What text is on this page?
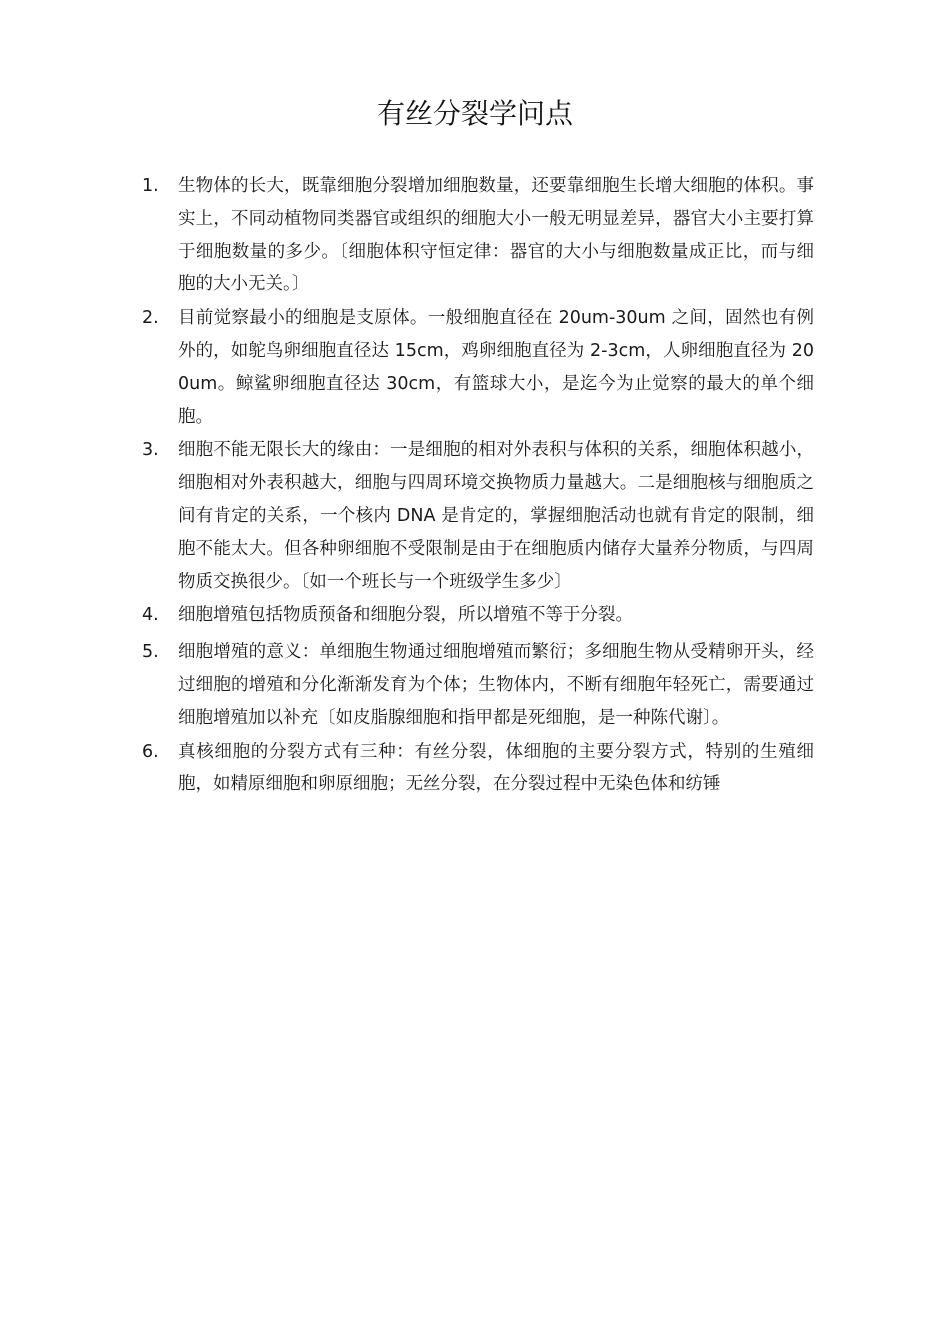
有丝分裂学问点
1.	生物体的长大，既靠细胞分裂增加细胞数量，还要靠细胞生长增大细胞的体积。事实上，不同动植物同类器官或组织的细胞大小一般无明显差异，器官大小主要打算于细胞数量的多少。〔细胞体积守恒定律：器官的大小与细胞数量成正比，而与细胞的大小无关。〕
2.	目前觉察最小的细胞是支原体。一般细胞直径在 20um-30um 之间，固然也有例外的，如鸵鸟卵细胞直径达 15cm，鸡卵细胞直径为 2-3cm，人卵细胞直径为 200um。鲸鲨卵细胞直径达 30cm，有篮球大小，是迄今为止觉察的最大的单个细胞。
3.	细胞不能无限长大的缘由：一是细胞的相对外表积与体积的关系，细胞体积越小，细胞相对外表积越大，细胞与四周环境交换物质力量越大。二是细胞核与细胞质之间有肯定的关系，一个核内 DNA 是肯定的，掌握细胞活动也就有肯定的限制，细胞不能太大。但各种卵细胞不受限制是由于在细胞质内储存大量养分物质，与四周物质交换很少。〔如一个班长与一个班级学生多少〕
4.	细胞增殖包括物质预备和细胞分裂，所以增殖不等于分裂。
5.	细胞增殖的意义：单细胞生物通过细胞增殖而繁衍；多细胞生物从受精卵开头，经过细胞的增殖和分化渐渐发育为个体；生物体内，不断有细胞年轻死亡，需要通过细胞增殖加以补充〔如皮脂腺细胞和指甲都是死细胞，是一种陈代谢〕。
6.	真核细胞的分裂方式有三种：有丝分裂，体细胞的主要分裂方式，特别的生殖细胞，如精原细胞和卵原细胞；无丝分裂，在分裂过程中无染色体和纺锤
